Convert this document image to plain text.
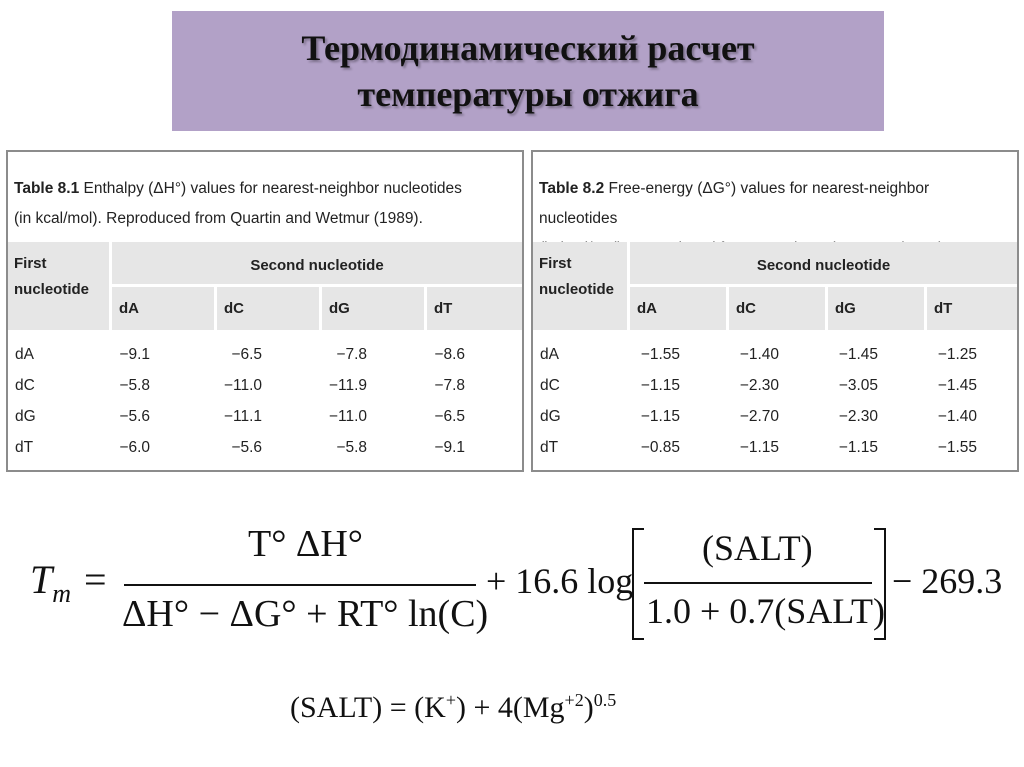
Термодинамический расчет
температуры отжига
Table 8.1 Enthalpy (ΔH°) values for nearest-neighbor nucleotides
(in kcal/mol). Reproduced from Quartin and Wetmur (1989).
First
nucleotide
Second nucleotide
dA	dC	dG	dT
dA	−9.1	−6.5	−7.8	−8.6
dC	−5.8	−11.0	−11.9	−7.8
dG	−5.6	−11.1	−11.0	−6.5
dT	−6.0	−5.6	−5.8	−9.1
Table 8.2 Free-energy (ΔG°) values for nearest-neighbor nucleotides

First
nucleotide
Second nucleotide
dA	dC	dG	dT
dA	−1.55	−1.40	−1.45	−1.25
dC	−1.15	−2.30	−3.05	−1.45
dG	−1.15	−2.70	−2.30	−1.40
dT	−0.85	−1.15	−1.15	−1.55
$T_m$ =
T° ΔH°
ΔH° − ΔG° + RT° ln(C)
+ 16.6 log
(SALT)
1.0 + 0.7(SALT)
− 269.3
(SALT) = $(K^+) + 4(Mg^{+2})^{0.5}$
